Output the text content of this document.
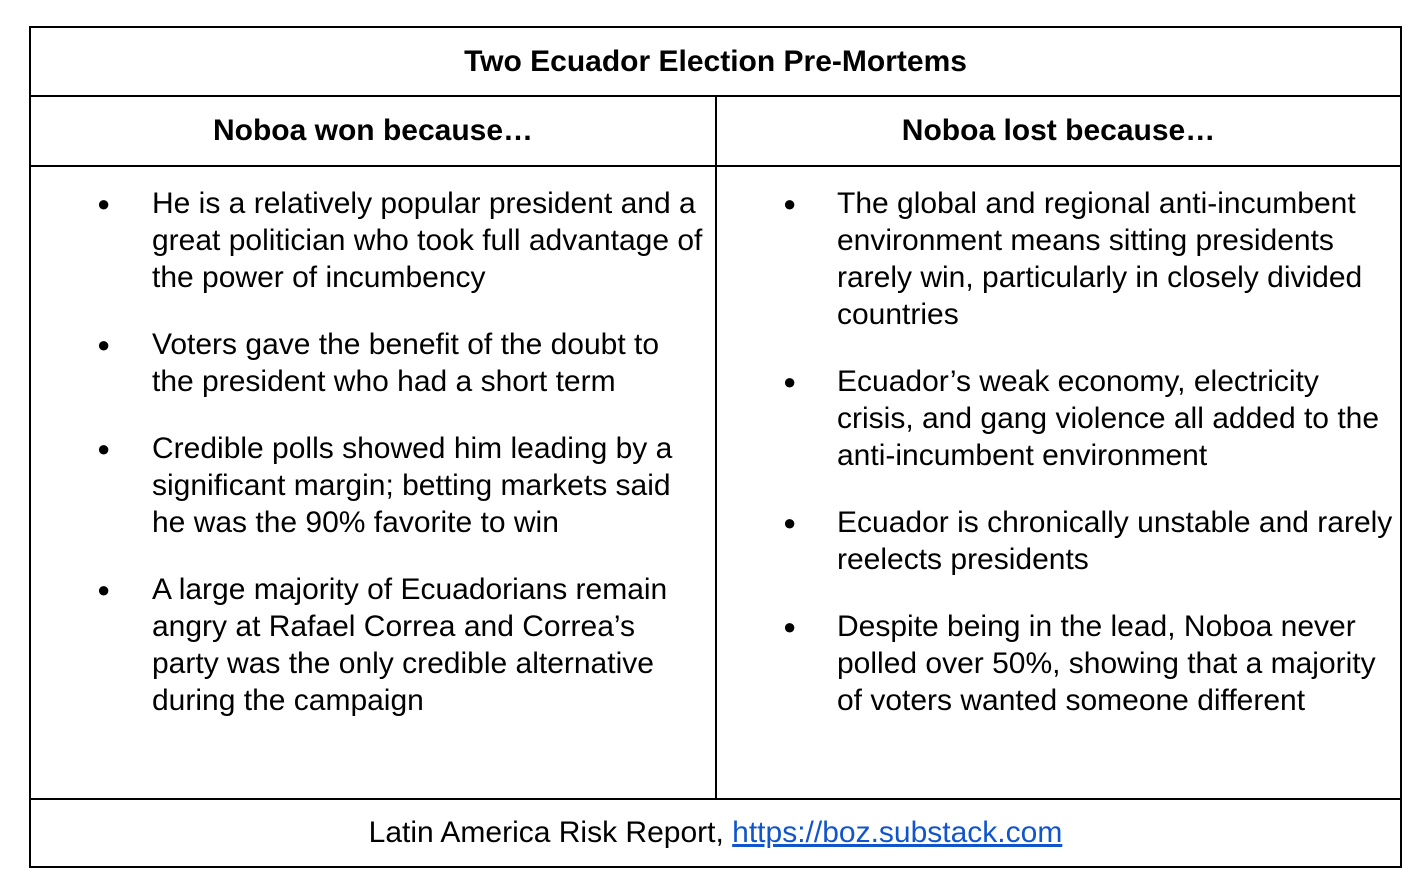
Two Ecuador Election Pre-Mortems
Noboa won because…	Noboa lost because…
● He is a relatively popular president and a great politician who took full advantage of the power of incumbency
● Voters gave the benefit of the doubt to the president who had a short term
● Credible polls showed him leading by a significant margin; betting markets said he was the 90% favorite to win
● A large majority of Ecuadorians remain angry at Rafael Correa and Correa’s party was the only credible alternative during the campaign
● The global and regional anti-incumbent environment means sitting presidents rarely win, particularly in closely divided countries
● Ecuador’s weak economy, electricity crisis, and gang violence all added to the anti-incumbent environment
● Ecuador is chronically unstable and rarely reelects presidents
● Despite being in the lead, Noboa never polled over 50%, showing that a majority of voters wanted someone different
Latin America Risk Report, https://boz.substack.com
